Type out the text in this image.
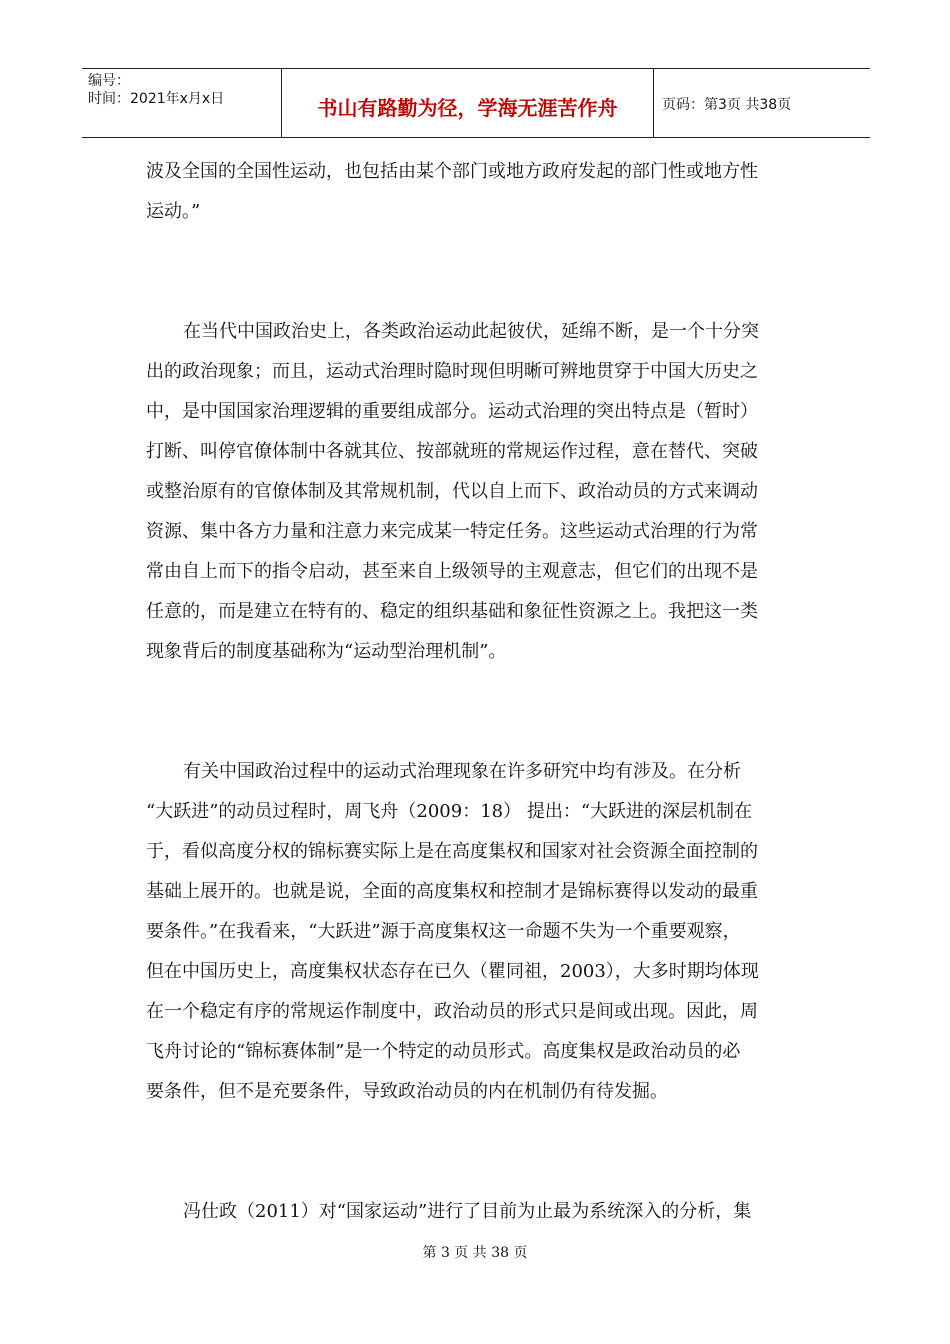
编号：
时间：2021年x月x日	书山有路勤为径，学海无涯苦作舟	页码：第3页 共38页
波及全国的全国性运动，也包括由某个部门或地方政府发起的部门性或地方性
运动。”
在当代中国政治史上，各类政治运动此起彼伏，延绵不断，是一个十分突
出的政治现象；而且，运动式治理时隐时现但明晰可辨地贯穿于中国大历史之
中，是中国国家治理逻辑的重要组成部分。运动式治理的突出特点是（暂时）
打断、叫停官僚体制中各就其位、按部就班的常规运作过程，意在替代、突破
或整治原有的官僚体制及其常规机制，代以自上而下、政治动员的方式来调动
资源、集中各方力量和注意力来完成某一特定任务。这些运动式治理的行为常
常由自上而下的指令启动，甚至来自上级领导的主观意志，但它们的出现不是
任意的，而是建立在特有的、稳定的组织基础和象征性资源之上。我把这一类
现象背后的制度基础称为“运动型治理机制”。
有关中国政治过程中的运动式治理现象在许多研究中均有涉及。在分析
“大跃进”的动员过程时，周飞舟（2009：18） 提出：“大跃进的深层机制在
于，看似高度分权的锦标赛实际上是在高度集权和国家对社会资源全面控制的
基础上展开的。也就是说，全面的高度集权和控制才是锦标赛得以发动的最重
要条件。”在我看来，“大跃进”源于高度集权这一命题不失为一个重要观察，
但在中国历史上，高度集权状态存在已久（瞿同祖，2003），大多时期均体现
在一个稳定有序的常规运作制度中，政治动员的形式只是间或出现。因此，周
飞舟讨论的“锦标赛体制”是一个特定的动员形式。高度集权是政治动员的必
要条件，但不是充要条件，导致政治动员的内在机制仍有待发掘。
冯仕政（2011）对“国家运动”进行了目前为止最为系统深入的分析，集
第 3 页 共 38 页
